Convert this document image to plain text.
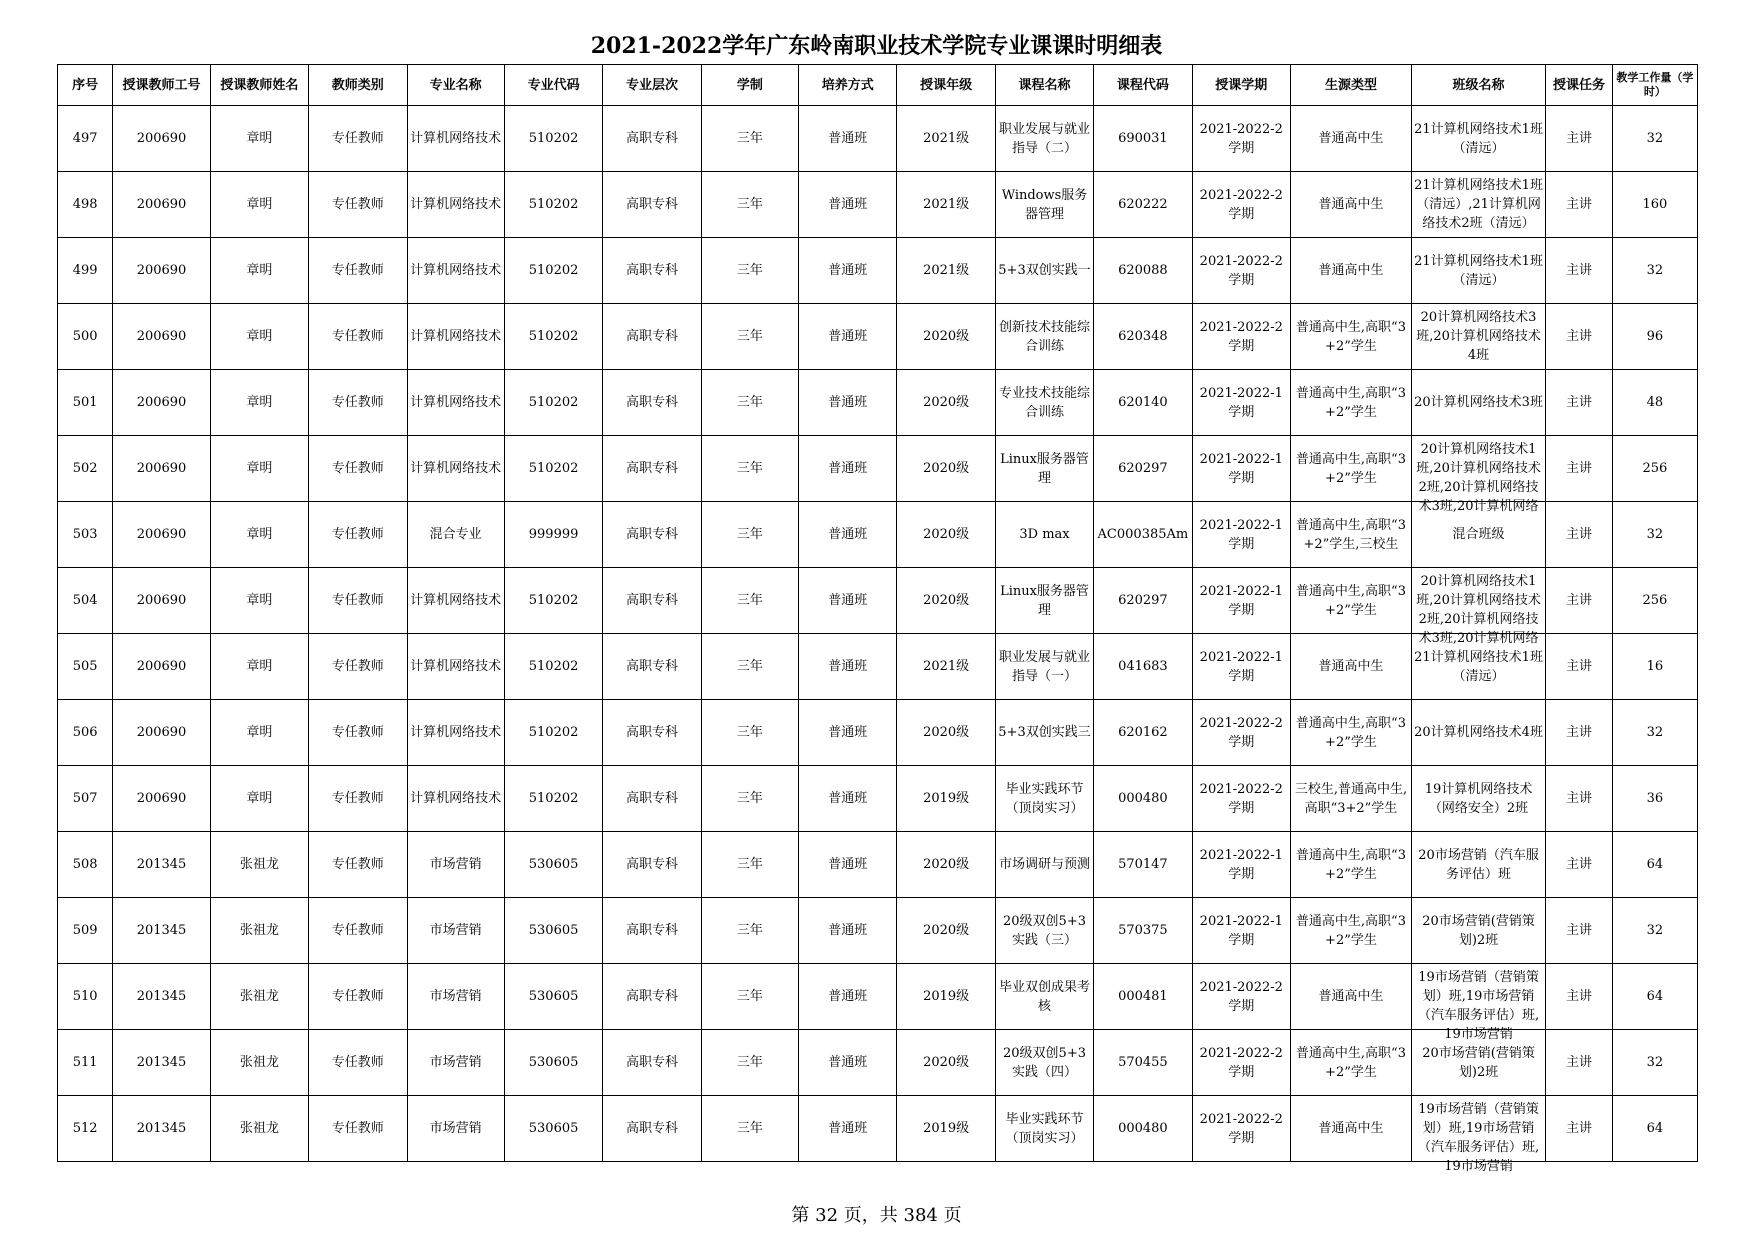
2021-2022学年广东岭南职业技术学院专业课课时明细表
序号	授课教师工号	授课教师姓名	教师类别	专业名称	专业代码	专业层次	学制	培养方式	授课年级	课程名称	课程代码	授课学期	生源类型	班级名称	授课任务	教学工作量（学时）

497	200690	章明	专任教师	计算机网络技术	510202	高职专科	三年	普通班	2021级	职业发展与就业指导（二）	690031	2021-2022-2学期	普通高中生	21计算机网络技术1班（清远）	主讲	32

498	200690	章明	专任教师	计算机网络技术	510202	高职专科	三年	普通班	2021级	Windows服务器管理	620222	2021-2022-2学期	普通高中生	21计算机网络技术1班（清远）,21计算机网络技术2班（清远）	主讲	160

499	200690	章明	专任教师	计算机网络技术	510202	高职专科	三年	普通班	2021级	5+3双创实践一	620088	2021-2022-2学期	普通高中生	21计算机网络技术1班（清远）	主讲	32

500	200690	章明	专任教师	计算机网络技术	510202	高职专科	三年	普通班	2020级	创新技术技能综合训练	620348	2021-2022-2学期	普通高中生,高职“3+2”学生	20计算机网络技术3班,20计算机网络技术4班	主讲	96

501	200690	章明	专任教师	计算机网络技术	510202	高职专科	三年	普通班	2020级	专业技术技能综合训练	620140	2021-2022-1学期	普通高中生,高职“3+2”学生	20计算机网络技术3班	主讲	48

502	200690	章明	专任教师	计算机网络技术	510202	高职专科	三年	普通班	2020级	Linux服务器管理	620297	2021-2022-1学期	普通高中生,高职“3+2”学生	20计算机网络技术1班,20计算机网络技术2班,20计算机网络技术3班,20计算机网络	主讲	256

503	200690	章明	专任教师	混合专业	999999	高职专科	三年	普通班	2020级	3D max	AC000385Am	2021-2022-1学期	普通高中生,高职“3+2”学生,三校生	混合班级	主讲	32

504	200690	章明	专任教师	计算机网络技术	510202	高职专科	三年	普通班	2020级	Linux服务器管理	620297	2021-2022-1学期	普通高中生,高职“3+2”学生	20计算机网络技术1班,20计算机网络技术2班,20计算机网络技术3班,20计算机网络	主讲	256

505	200690	章明	专任教师	计算机网络技术	510202	高职专科	三年	普通班	2021级	职业发展与就业指导（一）	041683	2021-2022-1学期	普通高中生	21计算机网络技术1班（清远）	主讲	16

506	200690	章明	专任教师	计算机网络技术	510202	高职专科	三年	普通班	2020级	5+3双创实践三	620162	2021-2022-2学期	普通高中生,高职“3+2”学生	20计算机网络技术4班	主讲	32

507	200690	章明	专任教师	计算机网络技术	510202	高职专科	三年	普通班	2019级	毕业实践环节（顶岗实习）	000480	2021-2022-2学期	三校生,普通高中生,高职“3+2”学生	19计算机网络技术（网络安全）2班	主讲	36

508	201345	张祖龙	专任教师	市场营销	530605	高职专科	三年	普通班	2020级	市场调研与预测	570147	2021-2022-1学期	普通高中生,高职“3+2”学生	20市场营销（汽车服务评估）班	主讲	64

509	201345	张祖龙	专任教师	市场营销	530605	高职专科	三年	普通班	2020级	20级双创5+3实践（三）	570375	2021-2022-1学期	普通高中生,高职“3+2”学生	20市场营销(营销策划)2班	主讲	32

510	201345	张祖龙	专任教师	市场营销	530605	高职专科	三年	普通班	2019级	毕业双创成果考核	000481	2021-2022-2学期	普通高中生	19市场营销（营销策划）班,19市场营销（汽车服务评估）班,19市场营销	主讲	64

511	201345	张祖龙	专任教师	市场营销	530605	高职专科	三年	普通班	2020级	20级双创5+3实践（四）	570455	2021-2022-2学期	普通高中生,高职“3+2”学生	20市场营销(营销策划)2班	主讲	32

512	201345	张祖龙	专任教师	市场营销	530605	高职专科	三年	普通班	2019级	毕业实践环节（顶岗实习）	000480	2021-2022-2学期	普通高中生	19市场营销（营销策划）班,19市场营销（汽车服务评估）班,19市场营销	主讲	64
第 32 页，共 384 页
